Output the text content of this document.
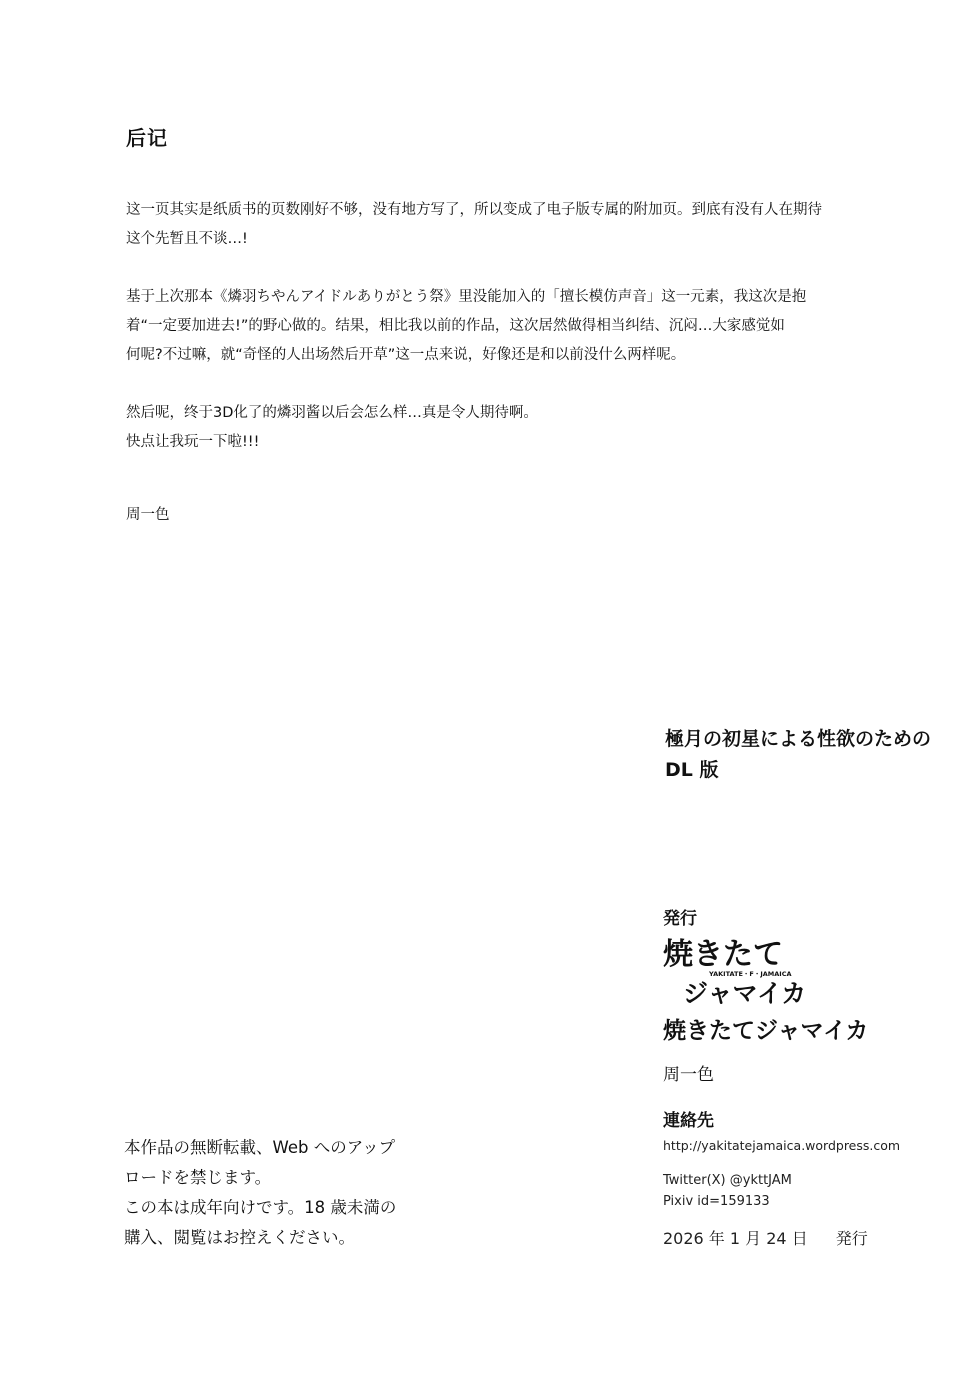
后记

这一页其实是纸质书的页数刚好不够，没有地方写了，所以变成了电子版专属的附加页。到底有没有人在期待

这个先暂且不谈…!

基于上次那本《燐羽ちやんアイドルありがとう祭》里没能加入的「擅长模仿声音」这一元素，我这次是抱

着“一定要加进去!”的野心做的。结果，相比我以前的作品，这次居然做得相当纠结、沉闷…大家感觉如

何呢?不过嘛，就“奇怪的人出场然后开草”这一点来说，好像还是和以前没什么两样呢。

然后呢，终于3D化了的燐羽酱以后会怎么样…真是令人期待啊。

快点让我玩一下啦!!!

周一色
極月の初星による性欲のための
DL 版
発行
焼きたて
YAKITATE・F・JAMAICA
ジャマイカ
焼きたてジャマイカ
周一色
連絡先
http://yakitatejamaica.wordpress.com
Twitter(X) @ykttJAM
Pixiv id=159133
2026 年 1 月 24 日 発行
本作品の無断転載、Web へのアップ
ロードを禁じます。
この本は成年向けです。18 歳未満の
購入、閲覧はお控えください。
